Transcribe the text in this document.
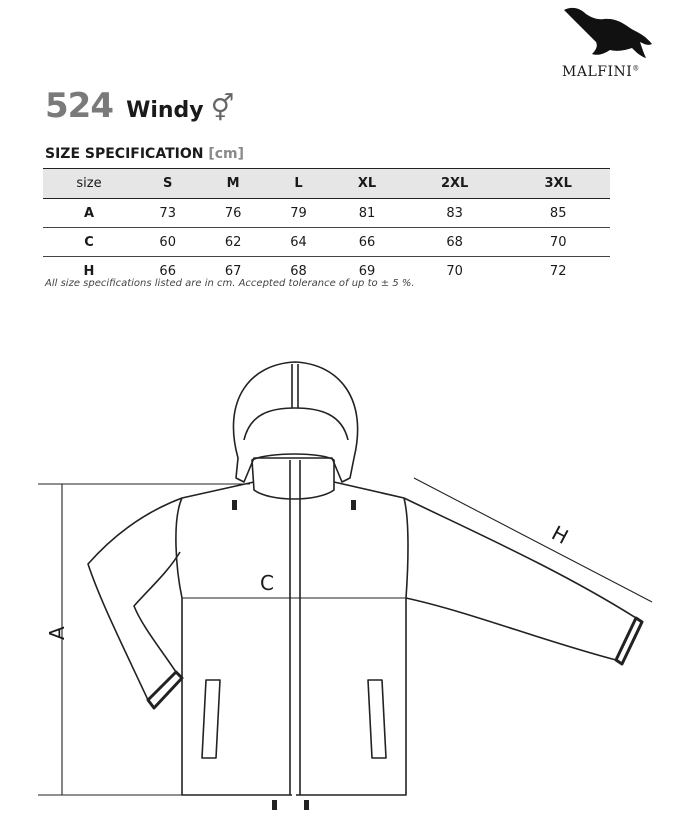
MALFINI®
524 Windy ⚥
SIZE SPECIFICATION [cm]
size	S	M	L	XL	2XL	3XL
A	73	76	79	81	83	85
C	60	62	64	66	68	70
H	66	67	68	69	70	72
All size specifications listed are in cm. Accepted tolerance of up to ± 5 %.
A
C
H
